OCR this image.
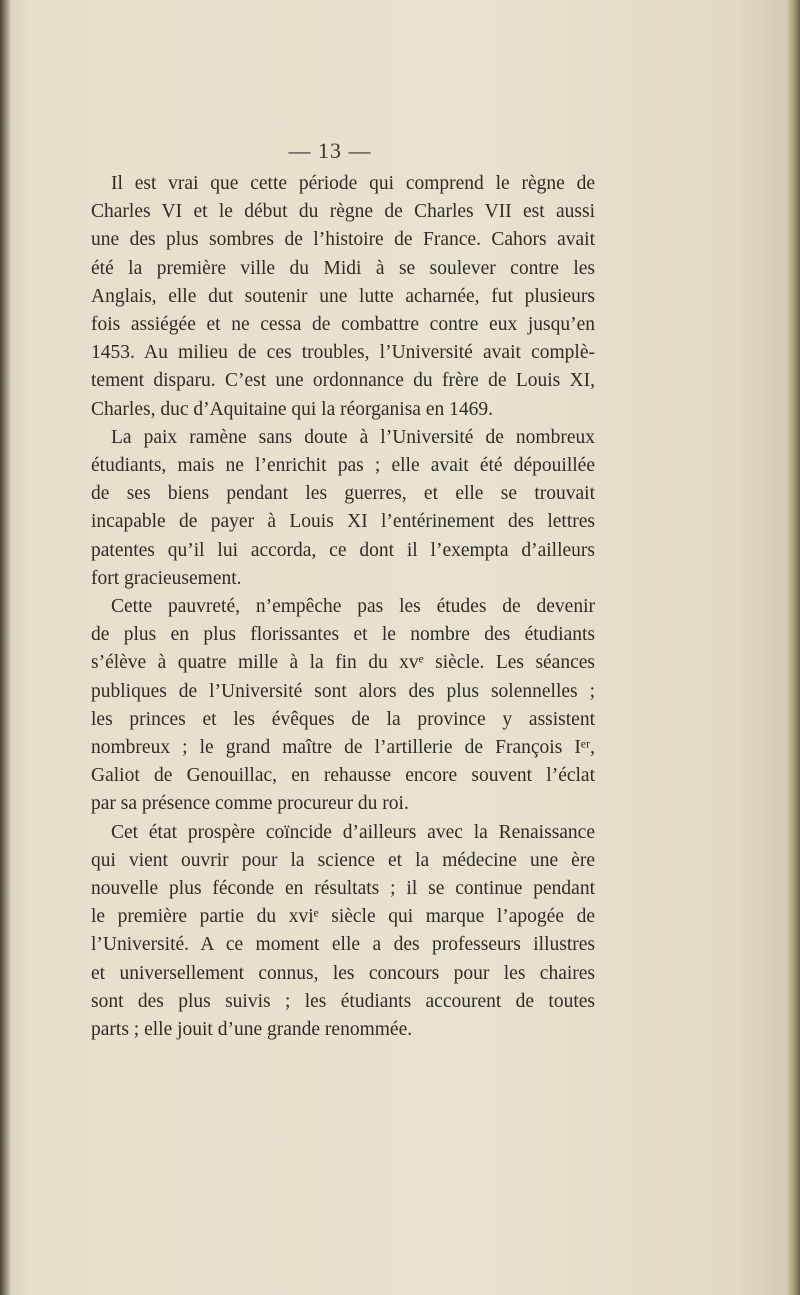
— 13 —

Il est vrai que cette période qui comprend le règne de
Charles VI et le début du règne de Charles VII est aussi
une des plus sombres de l’histoire de France. Cahors avait
été la première ville du Midi à se soulever contre les
Anglais, elle dut soutenir une lutte acharnée, fut plusieurs
fois assiégée et ne cessa de combattre contre eux jusqu’en
1453. Au milieu de ces troubles, l’Université avait complè-
tement disparu. C’est une ordonnance du frère de Louis XI,
Charles, duc d’Aquitaine qui la réorganisa en 1469.

La paix ramène sans doute à l’Université de nombreux
étudiants, mais ne l’enrichit pas ; elle avait été dépouillée
de ses biens pendant les guerres, et elle se trouvait
incapable de payer à Louis XI l’entérinement des lettres
patentes qu’il lui accorda, ce dont il l’exempta d’ailleurs
fort gracieusement.

Cette pauvreté, n’empêche pas les études de devenir
de plus en plus florissantes et le nombre des étudiants
s’élève à quatre mille à la fin du xvᵉ siècle. Les séances
publiques de l’Université sont alors des plus solennelles ;
les princes et les évêques de la province y assistent
nombreux ; le grand maître de l’artillerie de François Iᵉʳ,
Galiot de Genouillac, en rehausse encore souvent l’éclat
par sa présence comme procureur du roi.

Cet état prospère coïncide d’ailleurs avec la Renaissance
qui vient ouvrir pour la science et la médecine une ère
nouvelle plus féconde en résultats ; il se continue pendant
le première partie du xviᵉ siècle qui marque l’apogée de
l’Université. A ce moment elle a des professeurs illustres
et universellement connus, les concours pour les chaires
sont des plus suivis ; les étudiants accourent de toutes
parts ; elle jouit d’une grande renommée.
